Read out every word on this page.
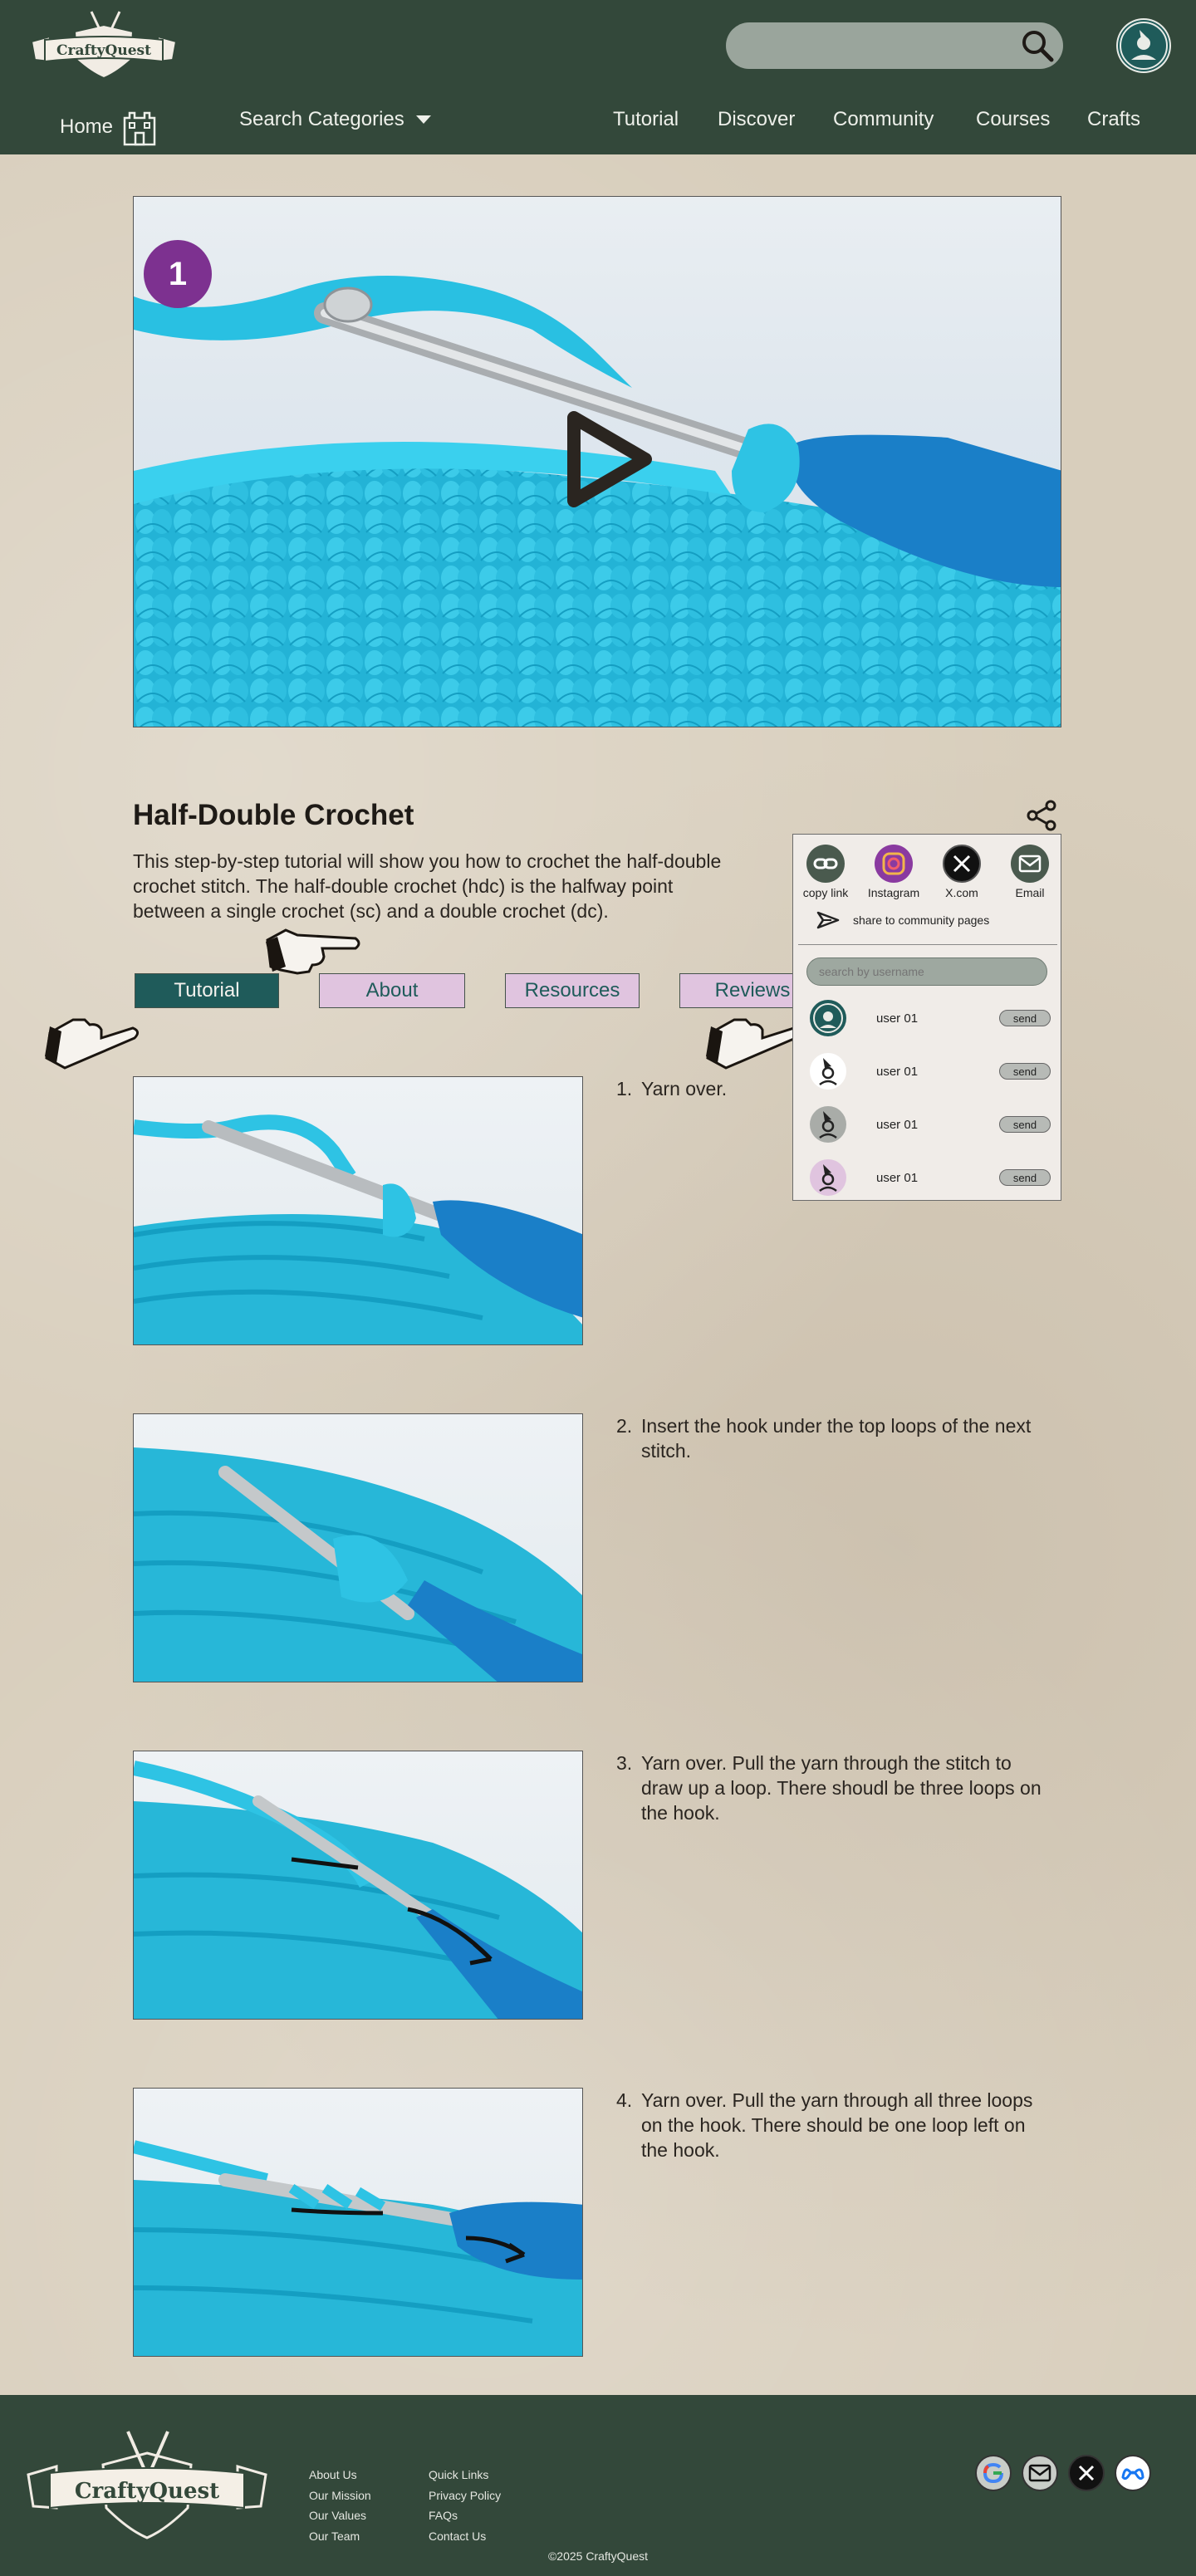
CraftyQuest
Home	Search Categories	Tutorial Discover Community Courses Crafts
1
Half-Double Crochet

This step-by-step tutorial will show you how to crochet the half-double crochet stitch. The half-double crochet (hdc) is the halfway point between a single crochet (sc) and a double crochet (dc).

Tutorial	About	Resources	Reviews
1. Yarn over.
2. Insert the hook under the top loops of the next stitch.
3. Yarn over. Pull the yarn through the stitch to draw up a loop. There shoudl be three loops on the hook.
4. Yarn over. Pull the yarn through all three loops on the hook. There should be one loop left on the hook.
copy link	Instagram	X.com	Email
share to community pages
search by username
user 01	send
user 01	send
user 01	send
user 01	send
CraftyQuest
About Us
Our Mission
Our Values
Our Team
Quick Links
Privacy Policy
FAQs
Contact Us
©2025 CraftyQuest
